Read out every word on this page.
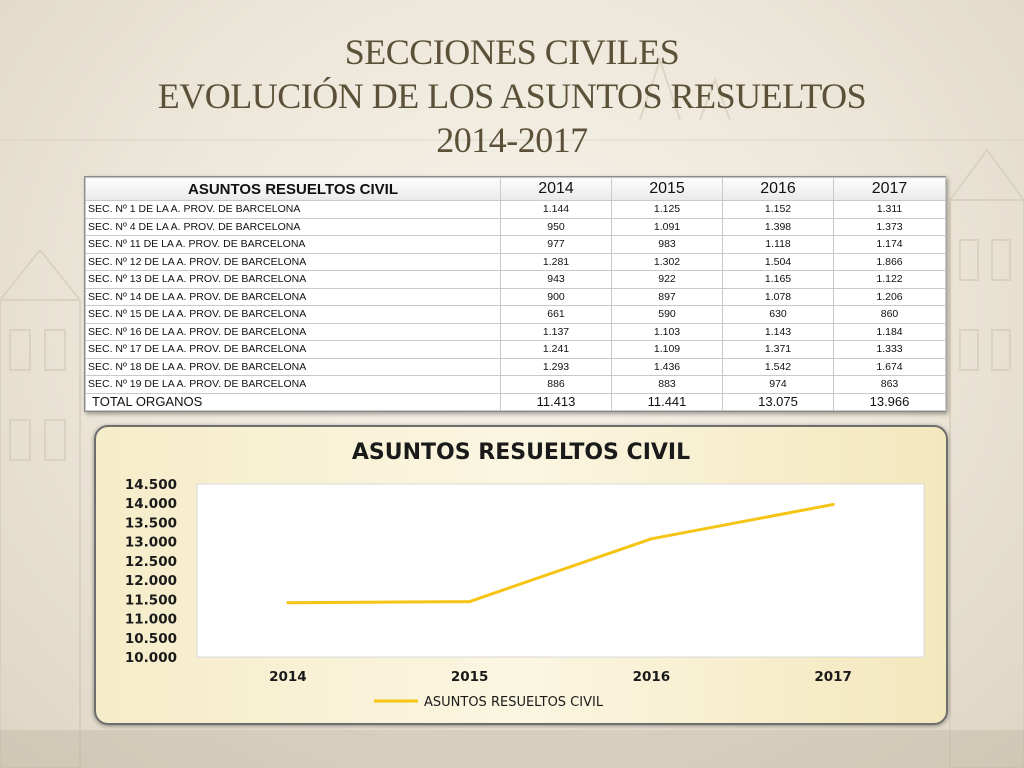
SECCIONES CIVILES
EVOLUCIÓN DE LOS ASUNTOS RESUELTOS
2014-2017
ASUNTOS RESUELTOS CIVIL	2014	2015	2016	2017
SEC. Nº 1 DE LA A. PROV. DE BARCELONA	1.144	1.125	1.152	1.311
SEC. Nº 4 DE LA A. PROV. DE BARCELONA	950	1.091	1.398	1.373
SEC. Nº 11 DE LA A. PROV. DE BARCELONA	977	983	1.118	1.174
SEC. Nº 12 DE LA A. PROV. DE BARCELONA	1.281	1.302	1.504	1.866
SEC. Nº 13 DE LA A. PROV. DE BARCELONA	943	922	1.165	1.122
SEC. Nº 14 DE LA A. PROV. DE BARCELONA	900	897	1.078	1.206
SEC. Nº 15 DE LA A. PROV. DE BARCELONA	661	590	630	860
SEC. Nº 16 DE LA A. PROV. DE BARCELONA	1.137	1.103	1.143	1.184
SEC. Nº 17 DE LA A. PROV. DE BARCELONA	1.241	1.109	1.371	1.333
SEC. Nº 18 DE LA A. PROV. DE BARCELONA	1.293	1.436	1.542	1.674
SEC. Nº 19 DE LA A. PROV. DE BARCELONA	886	883	974	863
TOTAL ORGANOS	11.413	11.441	13.075	13.966
ASUNTOS RESUELTOS CIVIL
10.000
10.500
11.000
11.500
12.000
12.500
13.000
13.500
14.000
14.500
2014	2015	2016	2017
ASUNTOS RESUELTOS CIVIL
